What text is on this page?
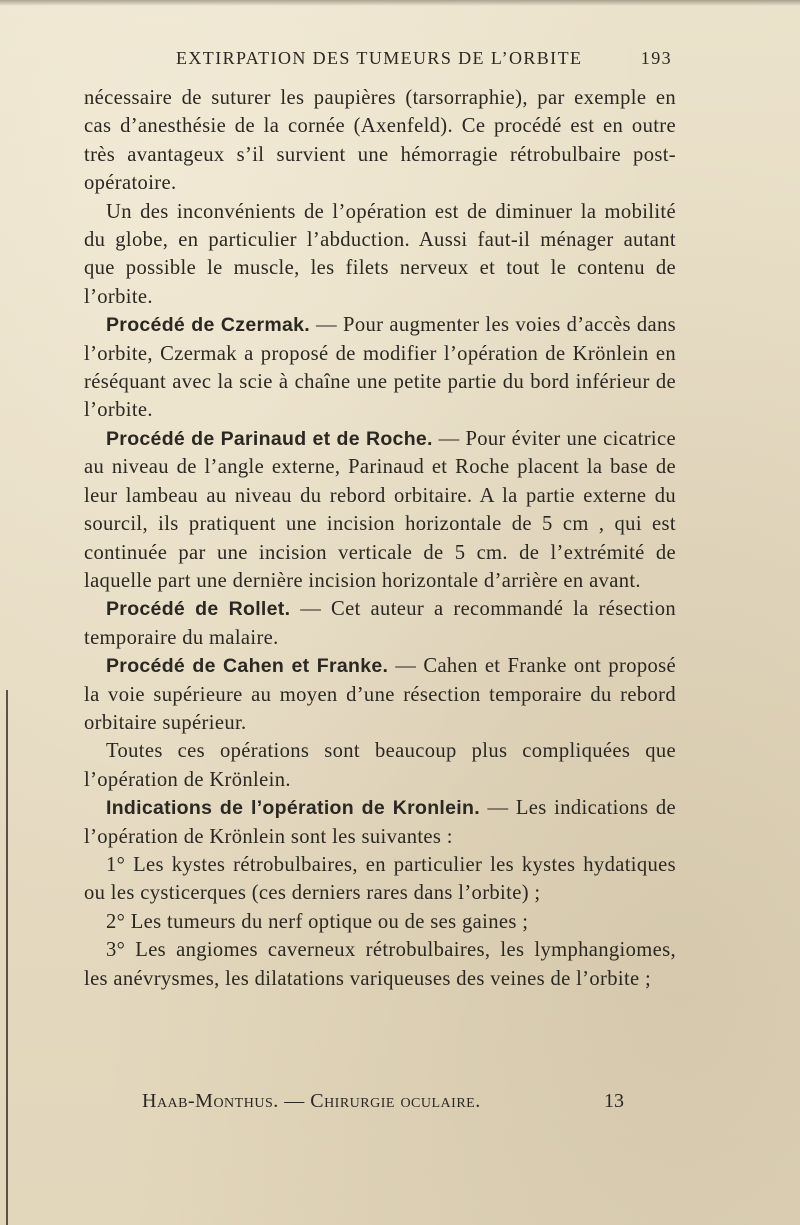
EXTIRPATION DES TUMEURS DE L’ORBITE	193

nécessaire de suturer les paupières (tarsorraphie), par exemple en cas d’anesthésie de la cornée (Axenfeld). Ce procédé est en outre très avantageux s’il survient une hémorragie rétrobulbaire post-opératoire.

Un des inconvénients de l’opération est de diminuer la mobilité du globe, en particulier l’abduction. Aussi faut-il ménager autant que possible le muscle, les filets nerveux et tout le contenu de l’orbite.

Procédé de Czermak. — Pour augmenter les voies d’accès dans l’orbite, Czermak a proposé de modifier l’opération de Krönlein en réséquant avec la scie à chaîne une petite partie du bord inférieur de l’orbite.

Procédé de Parinaud et de Roche. — Pour éviter une cicatrice au niveau de l’angle externe, Parinaud et Roche placent la base de leur lambeau au niveau du rebord orbitaire. A la partie externe du sourcil, ils pratiquent une incision horizontale de 5 cm , qui est continuée par une incision verticale de 5 cm. de l’extrémité de laquelle part une dernière incision horizontale d’arrière en avant.

Procédé de Rollet. — Cet auteur a recommandé la résection temporaire du malaire.

Procédé de Cahen et Franke. — Cahen et Franke ont proposé la voie supérieure au moyen d’une résection temporaire du rebord orbitaire supérieur.

Toutes ces opérations sont beaucoup plus compliquées que l’opération de Krönlein.

Indications de l’opération de Kronlein. — Les indications de l’opération de Krönlein sont les suivantes :

1° Les kystes rétrobulbaires, en particulier les kystes hydatiques ou les cysticerques (ces derniers rares dans l’orbite) ;

2° Les tumeurs du nerf optique ou de ses gaines ;

3° Les angiomes caverneux rétrobulbaires, les lymphangiomes, les anévrysmes, les dilatations variqueuses des veines de l’orbite ;

Haab-Monthus. — Chirurgie oculaire.	13
